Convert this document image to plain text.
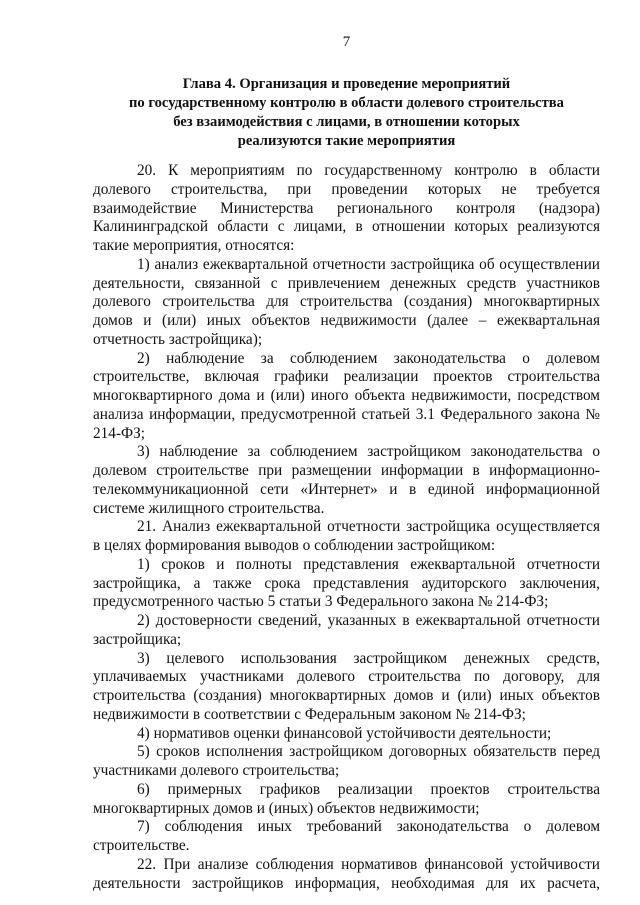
7
Глава 4. Организация и проведение мероприятий
по государственному контролю в области долевого строительства
без взаимодействия с лицами, в отношении которых
реализуются такие мероприятия

20. К мероприятиям по государственному контролю в области долевого строительства, при проведении которых не требуется взаимодействие Министерства регионального контроля (надзора) Калининградской области с лицами, в отношении которых реализуются такие мероприятия, относятся:

1) анализ ежеквартальной отчетности застройщика об осуществлении деятельности, связанной с привлечением денежных средств участников долевого строительства для строительства (создания) многоквартирных домов и (или) иных объектов недвижимости (далее – ежеквартальная отчетность застройщика);

2) наблюдение за соблюдением законодательства о долевом строительстве, включая графики реализации проектов строительства многоквартирного дома и (или) иного объекта недвижимости, посредством анализа информации, предусмотренной статьей 3.1 Федерального закона № 214-ФЗ;

3) наблюдение за соблюдением застройщиком законодательства о долевом строительстве при размещении информации в информационно-телекоммуникационной сети «Интернет» и в единой информационной системе жилищного строительства.

21. Анализ ежеквартальной отчетности застройщика осуществляется в целях формирования выводов о соблюдении застройщиком:

1) сроков и полноты представления ежеквартальной отчетности застройщика, а также срока представления аудиторского заключения, предусмотренного частью 5 статьи 3 Федерального закона № 214-ФЗ;

2) достоверности сведений, указанных в ежеквартальной отчетности застройщика;

3) целевого использования застройщиком денежных средств, уплачиваемых участниками долевого строительства по договору, для строительства (создания) многоквартирных домов и (или) иных объектов недвижимости в соответствии с Федеральным законом № 214-ФЗ;

4) нормативов оценки финансовой устойчивости деятельности;

5) сроков исполнения застройщиком договорных обязательств перед участниками долевого строительства;

6) примерных графиков реализации проектов строительства многоквартирных домов и (иных) объектов недвижимости;

7) соблюдения иных требований законодательства о долевом строительстве.

22. При анализе соблюдения нормативов финансовой устойчивости деятельности застройщиков информация, необходимая для их расчета,
